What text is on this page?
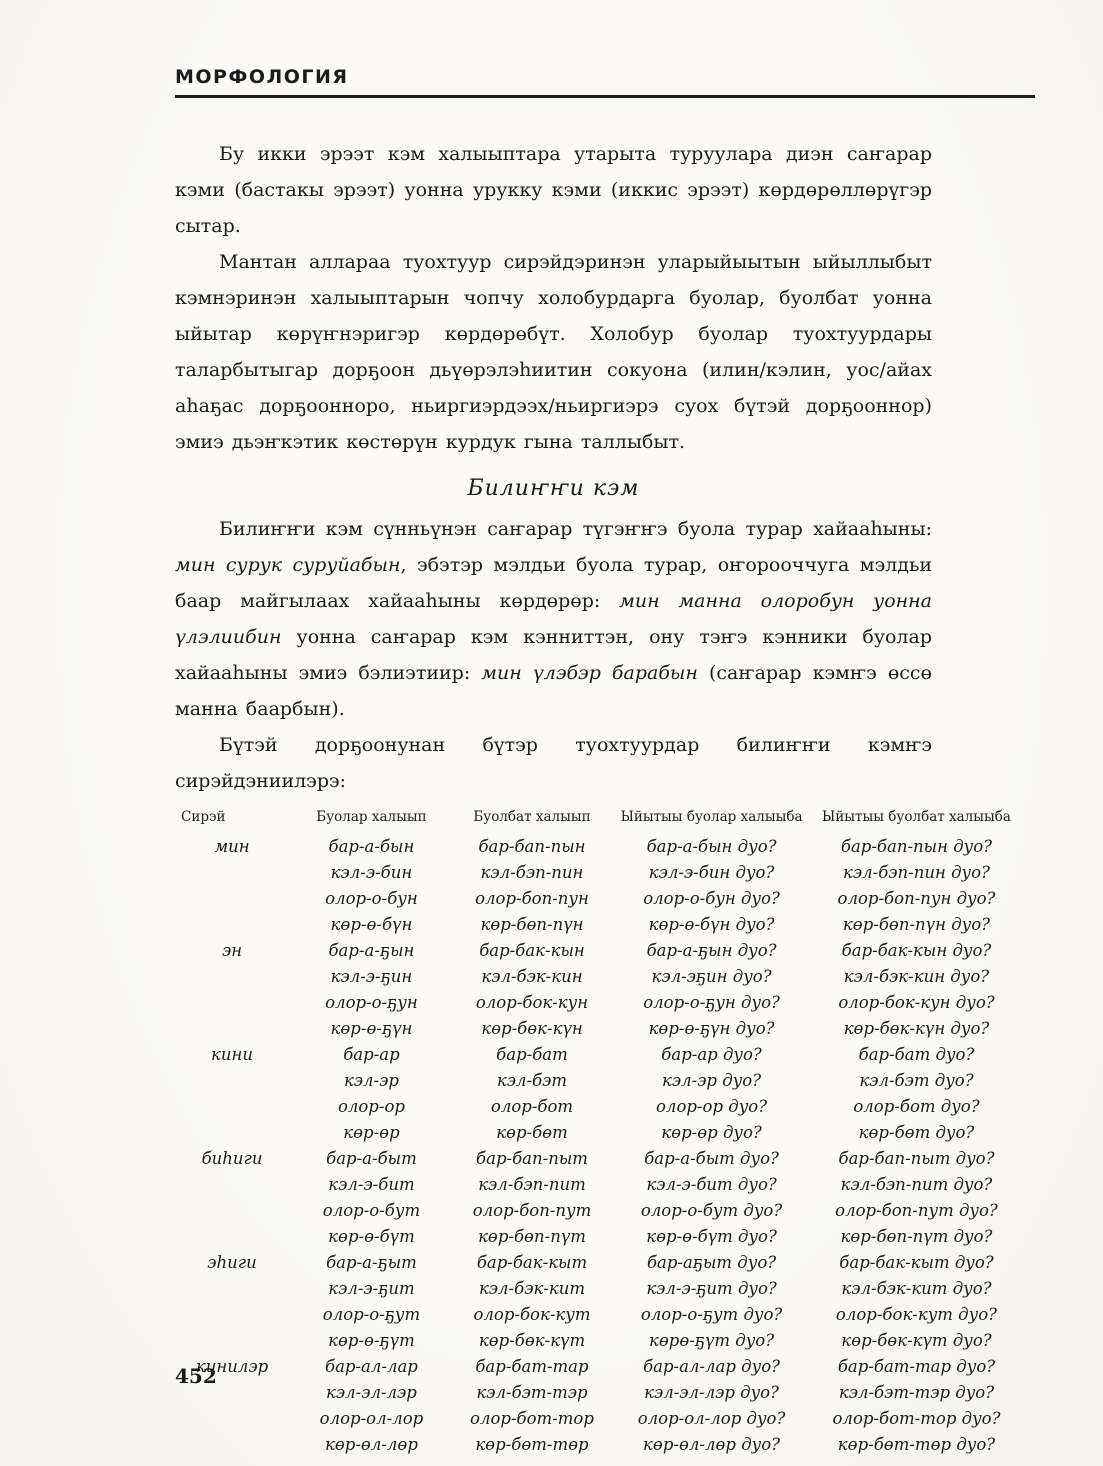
МОРФОЛОГИЯ

Бу икки эрээт кэм халыыптара утарыта туруулара диэн саҥарар кэми (бастакы эрээт) уонна урукку кэми (иккис эрээт) көрдөрөллөрүгэр сытар.

Мантан аллараа туохтуур сирэйдэринэн уларыйыытын ыйыллыбыт кэмнэринэн халыыптарын чопчу холобурдарга буолар, буолбат уонна ыйытар көрүҥнэригэр көрдөрөбүт. Холобур буолар туохтуурдары таларбытыгар дорҕоон дьүөрэлэһиитин сокуона (илин/кэлин, уос/айах аһаҕас дорҕоонноро, ньиргиэрдээх/ньиргиэрэ суох бүтэй дорҕооннор) эмиэ дьэҥкэтик көстөрүн курдук гына таллыбыт.

Билиҥҥи кэм

Билиҥҥи кэм сүнньүнэн саҥарар түгэҥҥэ буола турар хайааһыны: мин сурук суруйабын, эбэтэр мэлдьи буола турар, оҥорооччуга мэлдьи баар майгылаах хайааһыны көрдөрөр: мин манна олоробун уонна үлэлиибин уонна саҥарар кэм кэнниттэн, ону тэҥэ кэнники буолар хайааһыны эмиэ бэлиэтиир: мин үлэбэр барабын (саҥарар кэмҥэ өссө манна баарбын).

Бүтэй дорҕоонунан бүтэр туохтуурдар билиҥҥи кэмҥэ сирэйдэниилэрэ:

Сирэй	Буолар халыып	Буолбат халыып	Ыйытыы буолар халыыба	Ыйытыы буолбат халыыба
мин	бар-а-бын	бар-бап-пын	бар-а-бын дуо?	бар-бап-пын дуо?
	кэл-э-бин	кэл-бэп-пин	кэл-э-бин дуо?	кэл-бэп-пин дуо?
	олор-о-бун	олор-боп-пун	олор-о-бун дуо?	олор-боп-пун дуо?
	көр-ө-бүн	көр-бөп-пүн	көр-ө-бүн дуо?	көр-бөп-пүн дуо?
эн	бар-а-ҕын	бар-бак-кын	бар-а-ҕын дуо?	бар-бак-кын дуо?
	кэл-э-ҕин	кэл-бэк-кин	кэл-эҕин дуо?	кэл-бэк-кин дуо?
	олор-о-ҕун	олор-бок-кун	олор-о-ҕун дуо?	олор-бок-кун дуо?
	көр-ө-ҕүн	көр-бөк-күн	көр-ө-ҕүн дуо?	көр-бөк-күн дуо?
кини	бар-ар	бар-бат	бар-ар дуо?	бар-бат дуо?
	кэл-эр	кэл-бэт	кэл-эр дуо?	кэл-бэт дуо?
	олор-ор	олор-бот	олор-ор дуо?	олор-бот дуо?
	көр-өр	көр-бөт	көр-өр дуо?	көр-бөт дуо?
биһиги	бар-а-быт	бар-бап-пыт	бар-а-быт дуо?	бар-бап-пыт дуо?
	кэл-э-бит	кэл-бэп-пит	кэл-э-бит дуо?	кэл-бэп-пит дуо?
	олор-о-бут	олор-боп-пут	олор-о-бут дуо?	олор-боп-пут дуо?
	көр-ө-бүт	көр-бөп-пүт	көр-ө-бүт дуо?	көр-бөп-пүт дуо?
эһиги	бар-а-ҕыт	бар-бак-кыт	бар-аҕыт дуо?	бар-бак-кыт дуо?
	кэл-э-ҕит	кэл-бэк-кит	кэл-э-ҕит дуо?	кэл-бэк-кит дуо?
	олор-о-ҕут	олор-бок-кут	олор-о-ҕут дуо?	олор-бок-кут дуо?
	көр-ө-ҕүт	көр-бөк-күт	көрө-ҕүт дуо?	көр-бөк-күт дуо?
кинилэр	бар-ал-лар	бар-бат-тар	бар-ал-лар дуо?	бар-бат-тар дуо?
	кэл-эл-лэр	кэл-бэт-тэр	кэл-эл-лэр дуо?	кэл-бэт-тэр дуо?
	олор-ол-лор	олор-бот-тор	олор-ол-лор дуо?	олор-бот-тор дуо?
	көр-өл-лөр	көр-бөт-төр	көр-өл-лөр дуо?	көр-бөт-төр дуо?
452
